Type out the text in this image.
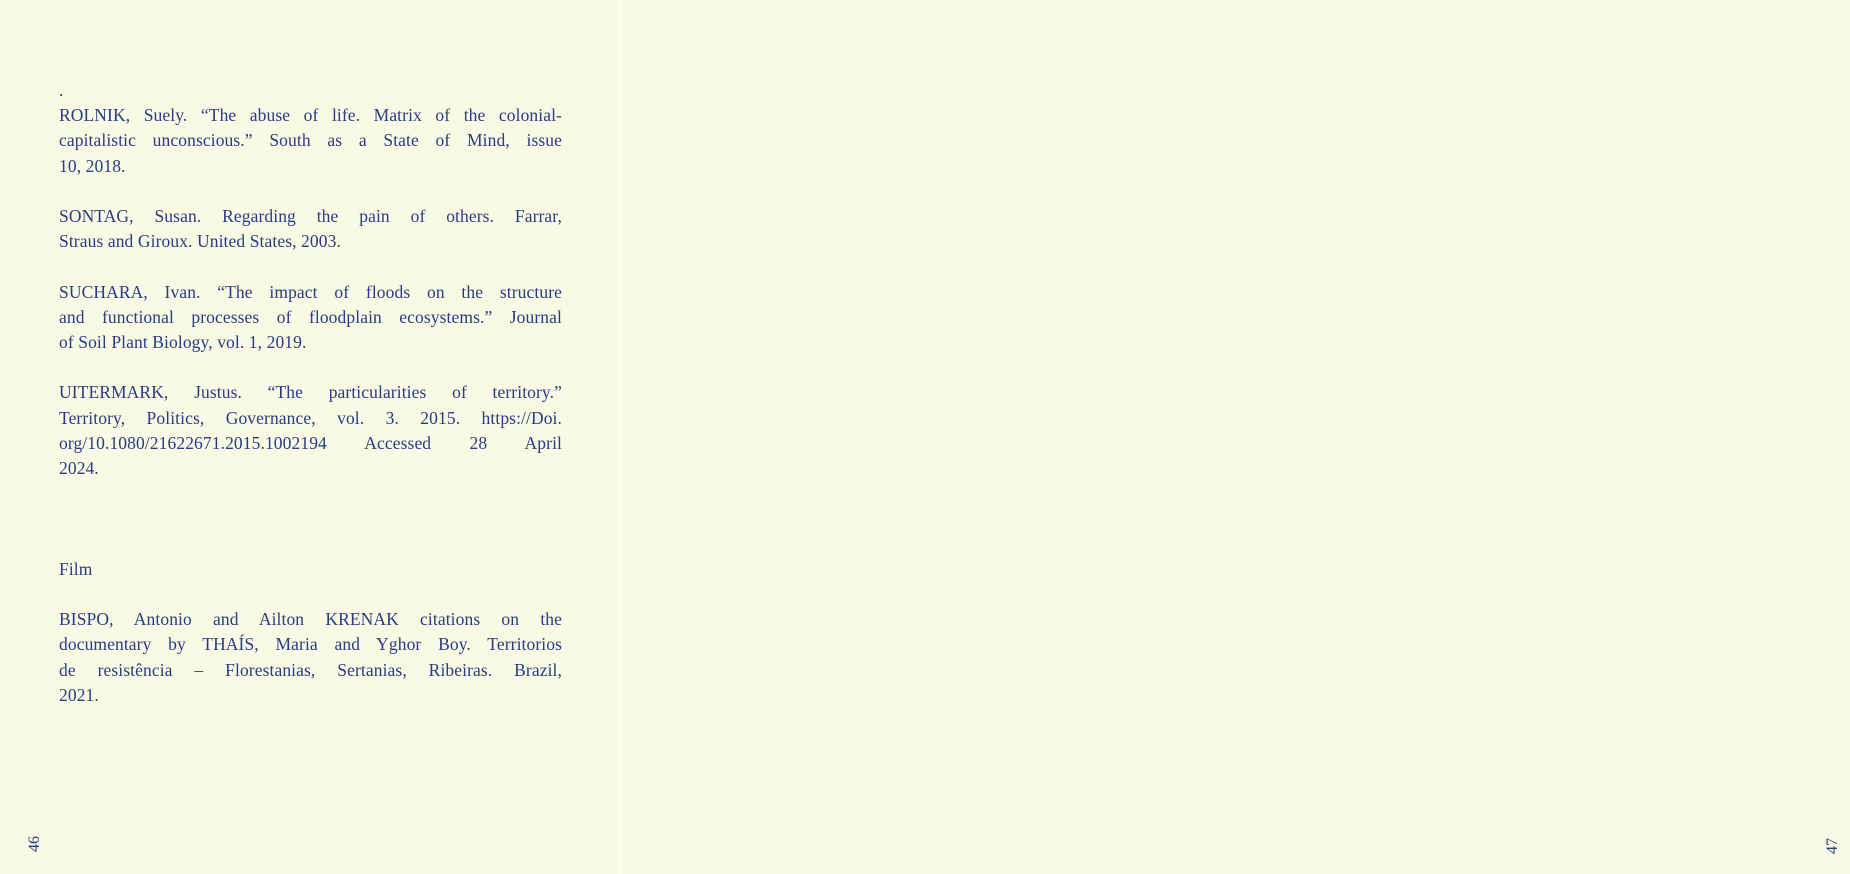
.
ROLNIK, Suely. “The abuse of life. Matrix of the colonial-
capitalistic unconscious.” South as a State of Mind, issue
10, 2018.
SONTAG, Susan. Regarding the pain of others. Farrar,
Straus and Giroux. United States, 2003.
SUCHARA, Ivan. “The impact of floods on the structure
and functional processes of floodplain ecosystems.” Journal
of Soil Plant Biology, vol. 1, 2019.
UITERMARK, Justus. “The particularities of territory.”
Territory, Politics, Governance, vol. 3. 2015. https://Doi.
org/10.1080/21622671.2015.1002194 Accessed 28 April
2024.
Film
BISPO, Antonio and Ailton KRENAK citations on the
documentary by THAÍS, Maria and Yghor Boy. Territorios
de resistência – Florestanias, Sertanias, Ribeiras. Brazil,
2021.
46	47
